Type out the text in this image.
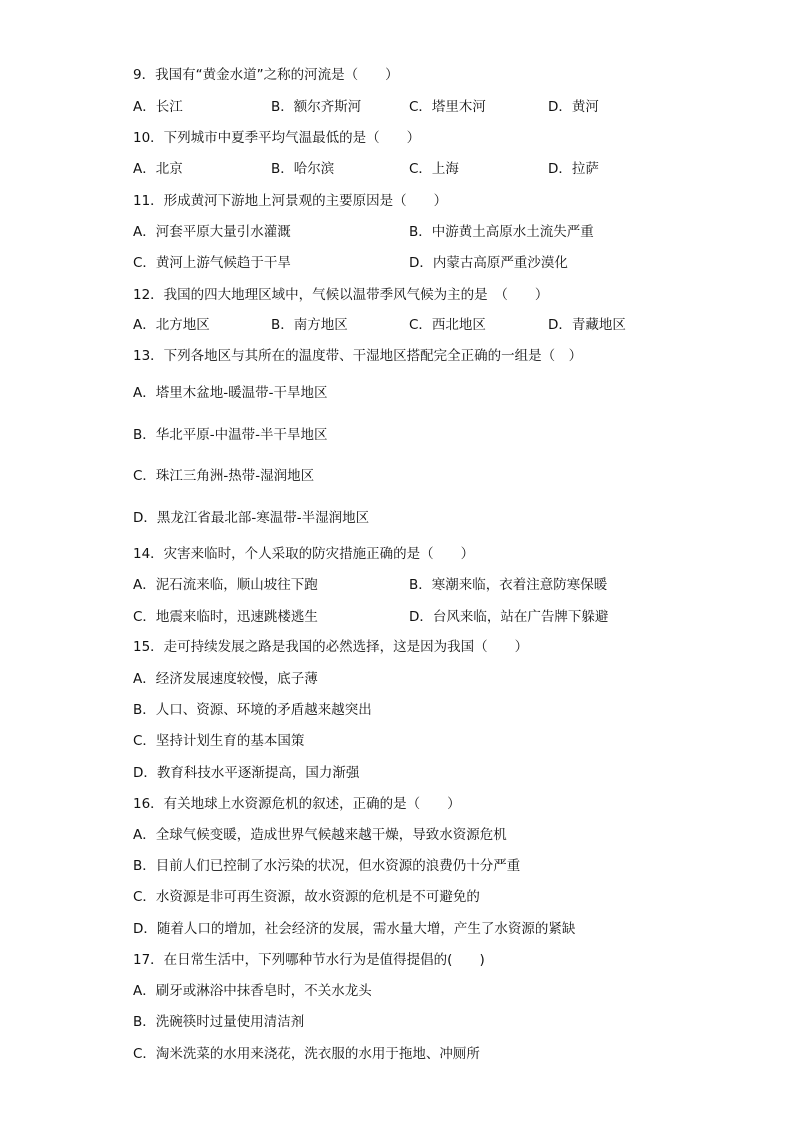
9．我国有“黄金水道”之称的河流是（　　）
A．长江	B．额尔齐斯河	C．塔里木河	D．黄河
10．下列城市中夏季平均气温最低的是（　　）
A．北京	B．哈尔滨	C．上海	D．拉萨
11．形成黄河下游地上河景观的主要原因是（　　）
A．河套平原大量引水灌溉	B．中游黄土高原水土流失严重
C．黄河上游气候趋于干旱	D．内蒙古高原严重沙漠化
12．我国的四大地理区域中，气候以温带季风气候为主的是　（　　）
A．北方地区	B．南方地区	C．西北地区	D．青藏地区
13．下列各地区与其所在的温度带、干湿地区搭配完全正确的一组是（　）
A．塔里木盆地-暖温带-干旱地区
B．华北平原-中温带-半干旱地区
C．珠江三角洲-热带-湿润地区
D．黑龙江省最北部-寒温带-半湿润地区
14．灾害来临时，个人采取的防灾措施正确的是（　　）
A．泥石流来临，顺山坡往下跑	B．寒潮来临，衣着注意防寒保暖
C．地震来临时，迅速跳楼逃生	D．台风来临，站在广告牌下躲避
15．走可持续发展之路是我国的必然选择，这是因为我国（　　）
A．经济发展速度较慢，底子薄
B．人口、资源、环境的矛盾越来越突出
C．坚持计划生育的基本国策
D．教育科技水平逐渐提高，国力渐强
16．有关地球上水资源危机的叙述，正确的是（　　）
A．全球气候变暖，造成世界气候越来越干燥，导致水资源危机
B．目前人们已控制了水污染的状况，但水资源的浪费仍十分严重
C．水资源是非可再生资源，故水资源的危机是不可避免的
D．随着人口的增加，社会经济的发展，需水量大增，产生了水资源的紧缺
17．在日常生活中，下列哪种节水行为是值得提倡的(　　)
A．刷牙或淋浴中抹香皂时，不关水龙头
B．洗碗筷时过量使用清洁剂
C．淘米洗菜的水用来浇花，洗衣服的水用于拖地、冲厕所
